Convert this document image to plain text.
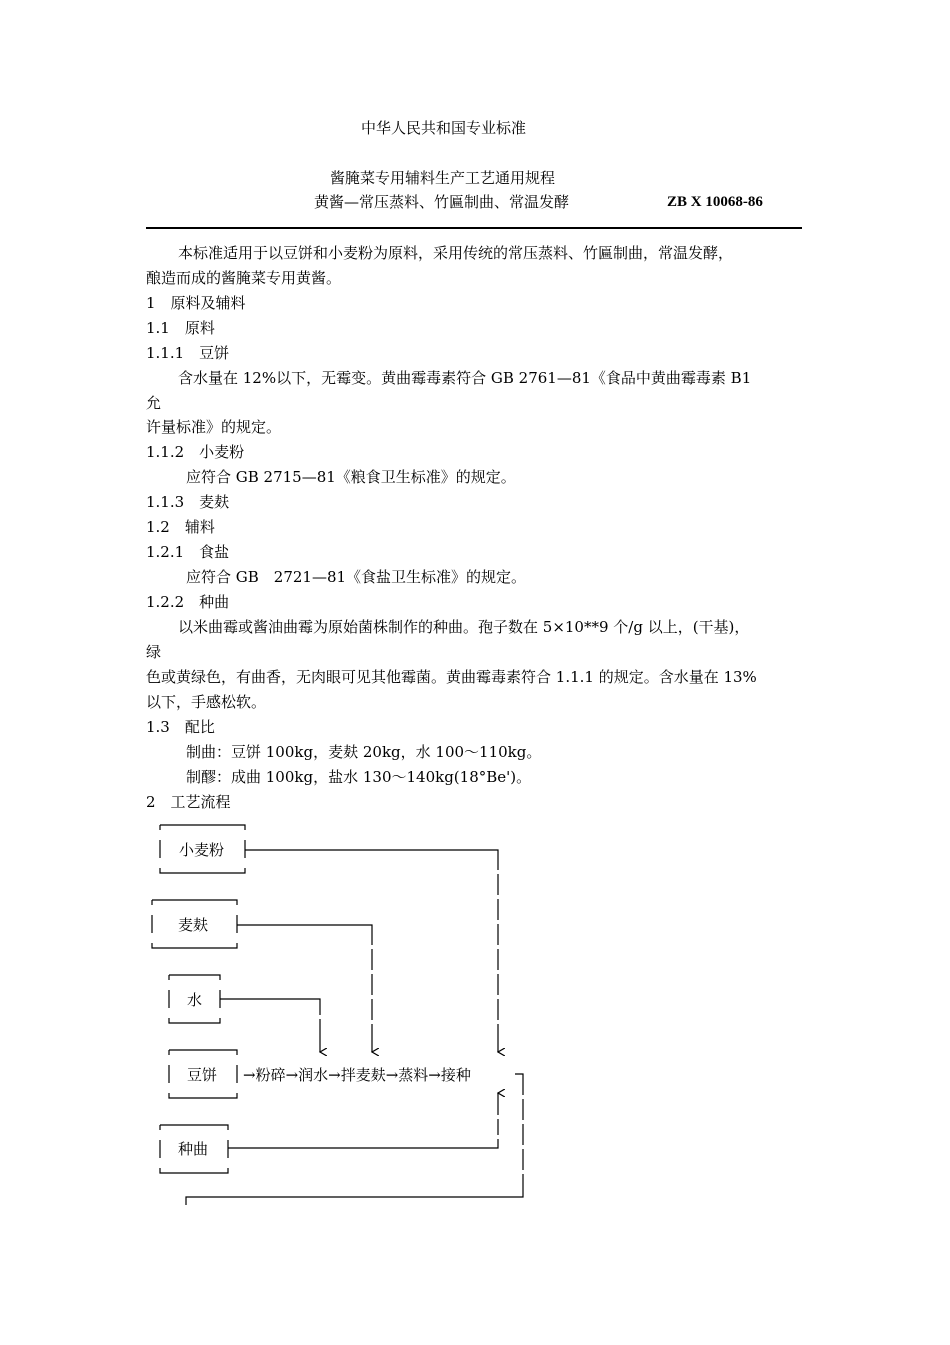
中华人民共和国专业标准
酱腌菜专用辅料生产工艺通用规程
黄酱—常压蒸料、竹匾制曲、常温发酵	ZB X 10068-86
本标准适用于以豆饼和小麦粉为原料，采用传统的常压蒸料、竹匾制曲，常温发酵，
酿造而成的酱腌菜专用黄酱。
1　原料及辅料
1.1　原料
1.1.1　豆饼
含水量在 12%以下，无霉变。黄曲霉毒素符合 GB 2761—81《食品中黄曲霉毒素 B1
允
许量标准》的规定。
1.1.2　小麦粉
应符合 GB 2715—81《粮食卫生标准》的规定。
1.1.3　麦麸
1.2　辅料
1.2.1　食盐
应符合 GB　2721—81《食盐卫生标准》的规定。
1.2.2　种曲
以米曲霉或酱油曲霉为原始菌株制作的种曲。孢子数在 5×10**9 个/g 以上，(干基)，
绿
色或黄绿色，有曲香，无肉眼可见其他霉菌。黄曲霉毒素符合 1.1.1 的规定。含水量在 13%
以下，手感松软。
1.3　配比
制曲：豆饼 100kg，麦麸 20kg，水 100～110kg。
制醪：成曲 100kg，盐水 130～140kg(18°Be')。
2　工艺流程
小麦粉
麦麸
水
豆饼 →粉碎→润水→拌麦麸→蒸料→接种
种曲
